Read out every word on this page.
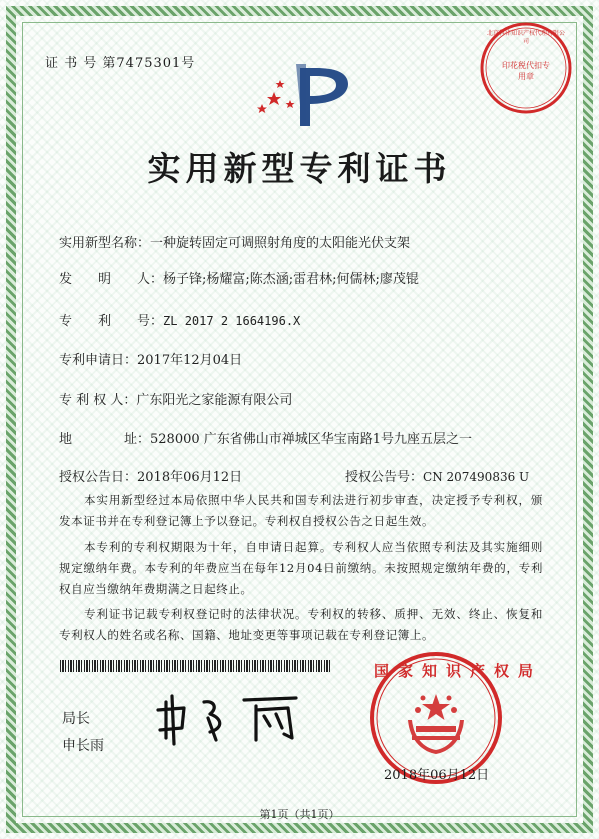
证 书 号 第7475301号	印花税代扣专用章
北京科律知识产权代理有限公司
实用新型专利证书
实用新型名称：一种旋转固定可调照射角度的太阳能光伏支架
发　　明　　人：杨子锋;杨耀富;陈杰涵;雷君林;何儒林;廖茂锟
专　　利　　号：ZL 2017 2 1664196.X
专利申请日：2017年12月04日
专 利 权 人：广东阳光之家能源有限公司
地　　　　址：528000 广东省佛山市禅城区华宝南路1号九座五层之一
授权公告日：2018年06月12日	授权公告号：CN 207490836 U
本实用新型经过本局依照中华人民共和国专利法进行初步审查，决定授予专利权，颁发本证书并在专利登记簿上予以登记。专利权自授权公告之日起生效。
本专利的专利权期限为十年，自申请日起算。专利权人应当依照专利法及其实施细则规定缴纳年费。本专利的年费应当在每年12月04日前缴纳。未按照规定缴纳年费的，专利权自应当缴纳年费期满之日起终止。
专利证书记载专利权登记时的法律状况。专利权的转移、质押、无效、终止、恢复和专利权人的姓名或名称、国籍、地址变更等事项记载在专利登记簿上。
局长
申长雨
国家知识产权局
2018年06月12日
第1页（共1页）
